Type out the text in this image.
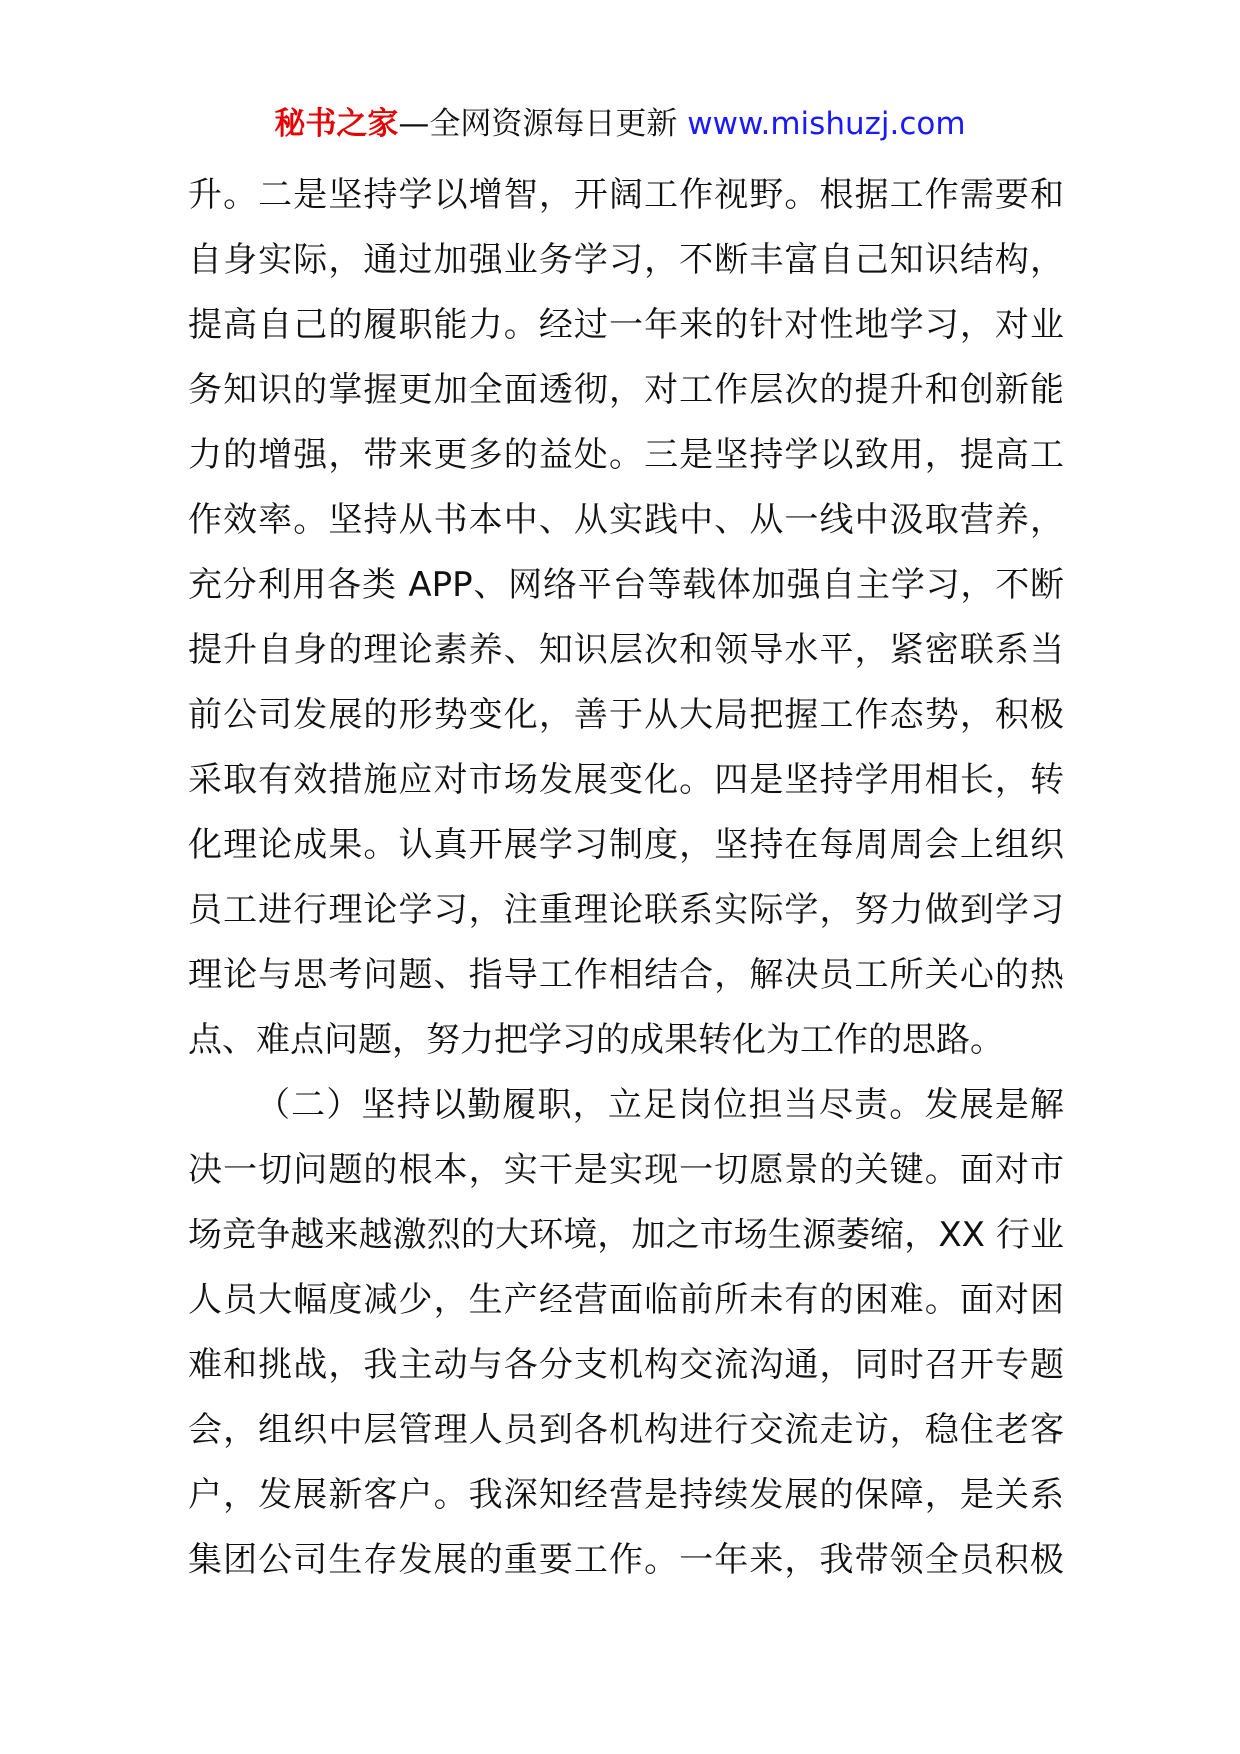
秘书之家—全网资源每日更新 www.mishuzj.com
升。二是坚持学以增智，开阔工作视野。根据工作需要和
自身实际，通过加强业务学习，不断丰富自己知识结构，
提高自己的履职能力。经过一年来的针对性地学习，对业
务知识的掌握更加全面透彻，对工作层次的提升和创新能
力的增强，带来更多的益处。三是坚持学以致用，提高工
作效率。坚持从书本中、从实践中、从一线中汲取营养，
充分利用各类 APP、网络平台等载体加强自主学习，不断
提升自身的理论素养、知识层次和领导水平，紧密联系当
前公司发展的形势变化，善于从大局把握工作态势，积极
采取有效措施应对市场发展变化。四是坚持学用相长，转
化理论成果。认真开展学习制度，坚持在每周周会上组织
员工进行理论学习，注重理论联系实际学，努力做到学习
理论与思考问题、指导工作相结合，解决员工所关心的热
点、难点问题，努力把学习的成果转化为工作的思路。
（二）坚持以勤履职，立足岗位担当尽责。发展是解
决一切问题的根本，实干是实现一切愿景的关键。面对市
场竞争越来越激烈的大环境，加之市场生源萎缩，XX 行业
人员大幅度减少，生产经营面临前所未有的困难。面对困
难和挑战，我主动与各分支机构交流沟通，同时召开专题
会，组织中层管理人员到各机构进行交流走访，稳住老客
户，发展新客户。我深知经营是持续发展的保障，是关系
集团公司生存发展的重要工作。一年来，我带领全员积极
